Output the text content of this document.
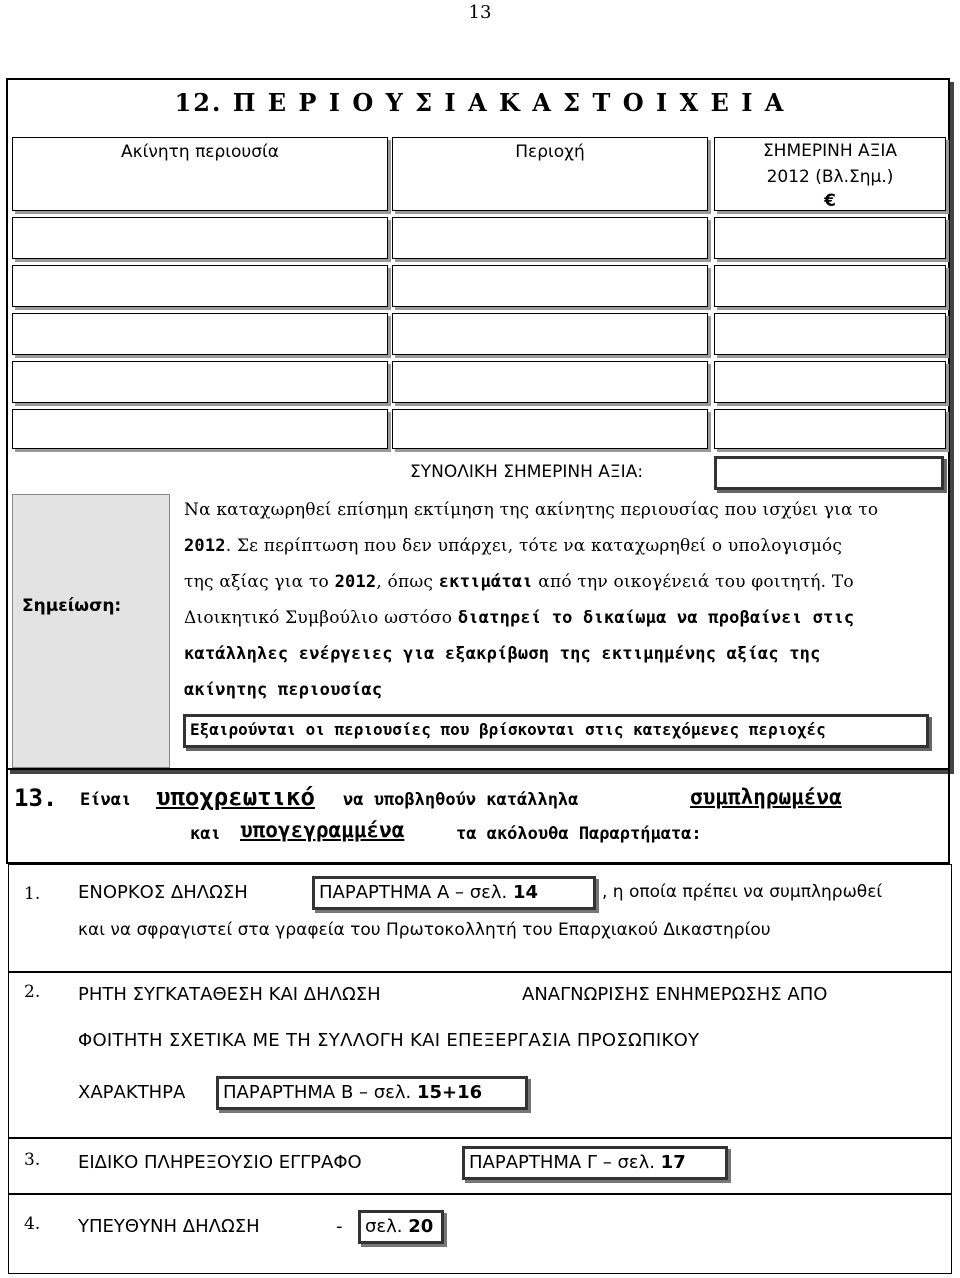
13
12. Π Ε Ρ Ι Ο Υ Σ Ι Α Κ Α Σ Τ Ο Ι Χ Ε Ι Α
Ακίνητη περιουσία	Περιοχή	ΣΗΜΕΡΙΝΗ ΑΞΙΑ
2012 (Βλ.Σημ.)
€
ΣΥΝΟΛΙΚΗ ΣΗΜΕΡΙΝΗ ΑΞΙΑ:
Σημείωση:
Να καταχωρηθεί επίσημη εκτίμηση της ακίνητης περιουσίας που ισχύει για το
2012. Σε περίπτωση που δεν υπάρχει, τότε να καταχωρηθεί ο υπολογισμός
της αξίας για το 2012, όπως εκτιμάται από την οικογένειά του φοιτητή. Το
Διοικητικό Συμβούλιο ωστόσο διατηρεί το δικαίωμα να προβαίνει στις
κατάλληλες ενέργειες για εξακρίβωση της εκτιμημένης αξίας της
ακίνητης περιουσίας
Εξαιρούνται οι περιουσίες που βρίσκονται στις κατεχόμενες περιοχές
13. Είναι υποχρεωτικό να υποβληθούν κατάλληλα	συμπληρωμένα
και υπογεγραμμένα	τα ακόλουθα Παραρτήματα:
1. ΕΝΟΡΚΟΣ ΔΗΛΩΣΗ	ΠΑΡΑΡΤΗΜΑ Α – σελ. 14	, η οποία πρέπει να συμπληρωθεί
και να σφραγιστεί στα γραφεία του Πρωτοκολλητή του Επαρχιακού Δικαστηρίου
2. ΡΗΤΗ ΣΥΓΚΑΤΑΘΕΣΗ ΚΑΙ ΔΗΛΩΣΗ	ΑΝΑΓΝΩΡΙΣΗΣ ΕΝΗΜΕΡΩΣΗΣ ΑΠΟ
ΦΟΙΤΗΤΗ ΣΧΕΤΙΚΑ ΜΕ ΤΗ ΣΥΛΛΟΓΗ ΚΑΙ ΕΠΕΞΕΡΓΑΣΙΑ ΠΡΟΣΩΠΙΚΟΥ
ΧΑΡΑΚΤΗΡΑ	ΠΑΡΑΡΤΗΜΑ Β – σελ. 15+16
3. ΕΙΔΙΚΟ ΠΛΗΡΕΞΟΥΣΙΟ ΕΓΓΡΑΦΟ	ΠΑΡΑΡΤΗΜΑ Γ – σελ. 17
4. ΥΠΕΥΘΥΝΗ ΔΗΛΩΣΗ	-	σελ. 20
